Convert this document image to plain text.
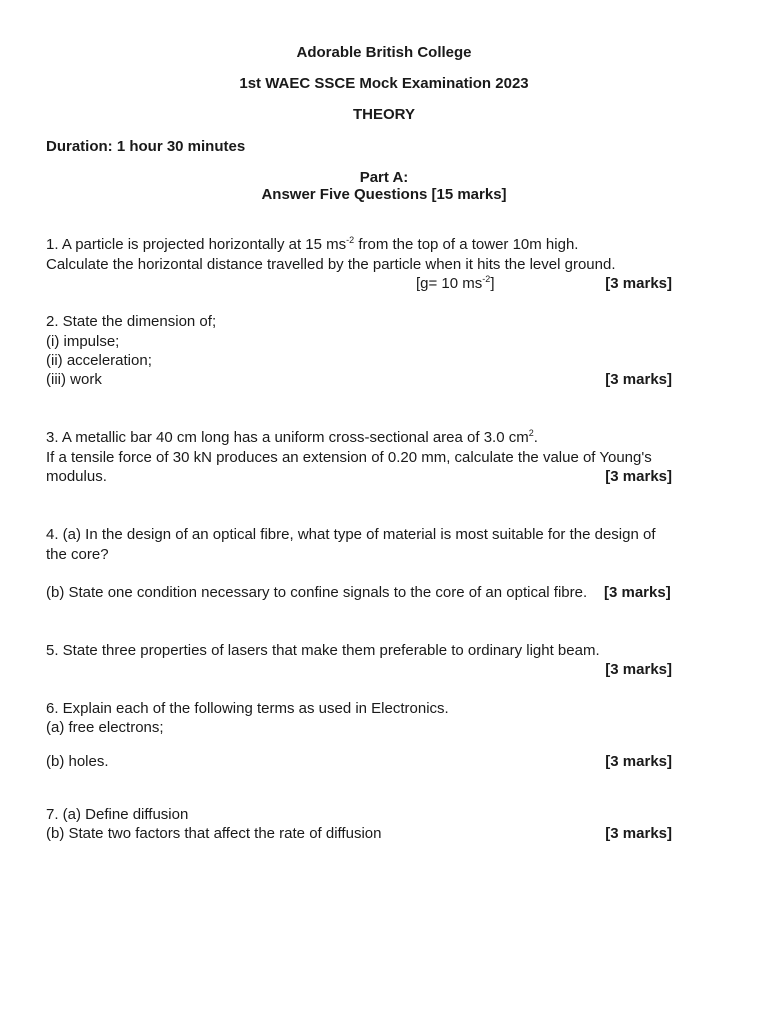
Adorable British College
1st WAEC SSCE Mock Examination 2023
THEORY
Duration: 1 hour 30 minutes
Part A:
Answer Five Questions [15 marks]
1. A particle is projected horizontally at 15 $ms^{-2}$ from the top of a tower 10m high.
Calculate the horizontal distance travelled by the particle when it hits the level ground.
[g= 10 $ms^{-2}$]	[3 marks]
2. State the dimension of;
(i) impulse;
(ii) acceleration;
(iii) work	[3 marks]
3. A metallic bar 40 cm long has a uniform cross-sectional area of 3.0 $cm^2$.
If a tensile force of 30 kN produces an extension of 0.20 mm, calculate the value of Young's
modulus.	[3 marks]
4. (a) In the design of an optical fibre, what type of material is most suitable for the design of
the core?
(b) State one condition necessary to confine signals to the core of an optical fibre. [3 marks]
5. State three properties of lasers that make them preferable to ordinary light beam.
[3 marks]
6. Explain each of the following terms as used in Electronics.
(a) free electrons;
(b) holes.	[3 marks]
7. (a) Define diffusion
(b) State two factors that affect the rate of diffusion	[3 marks]
